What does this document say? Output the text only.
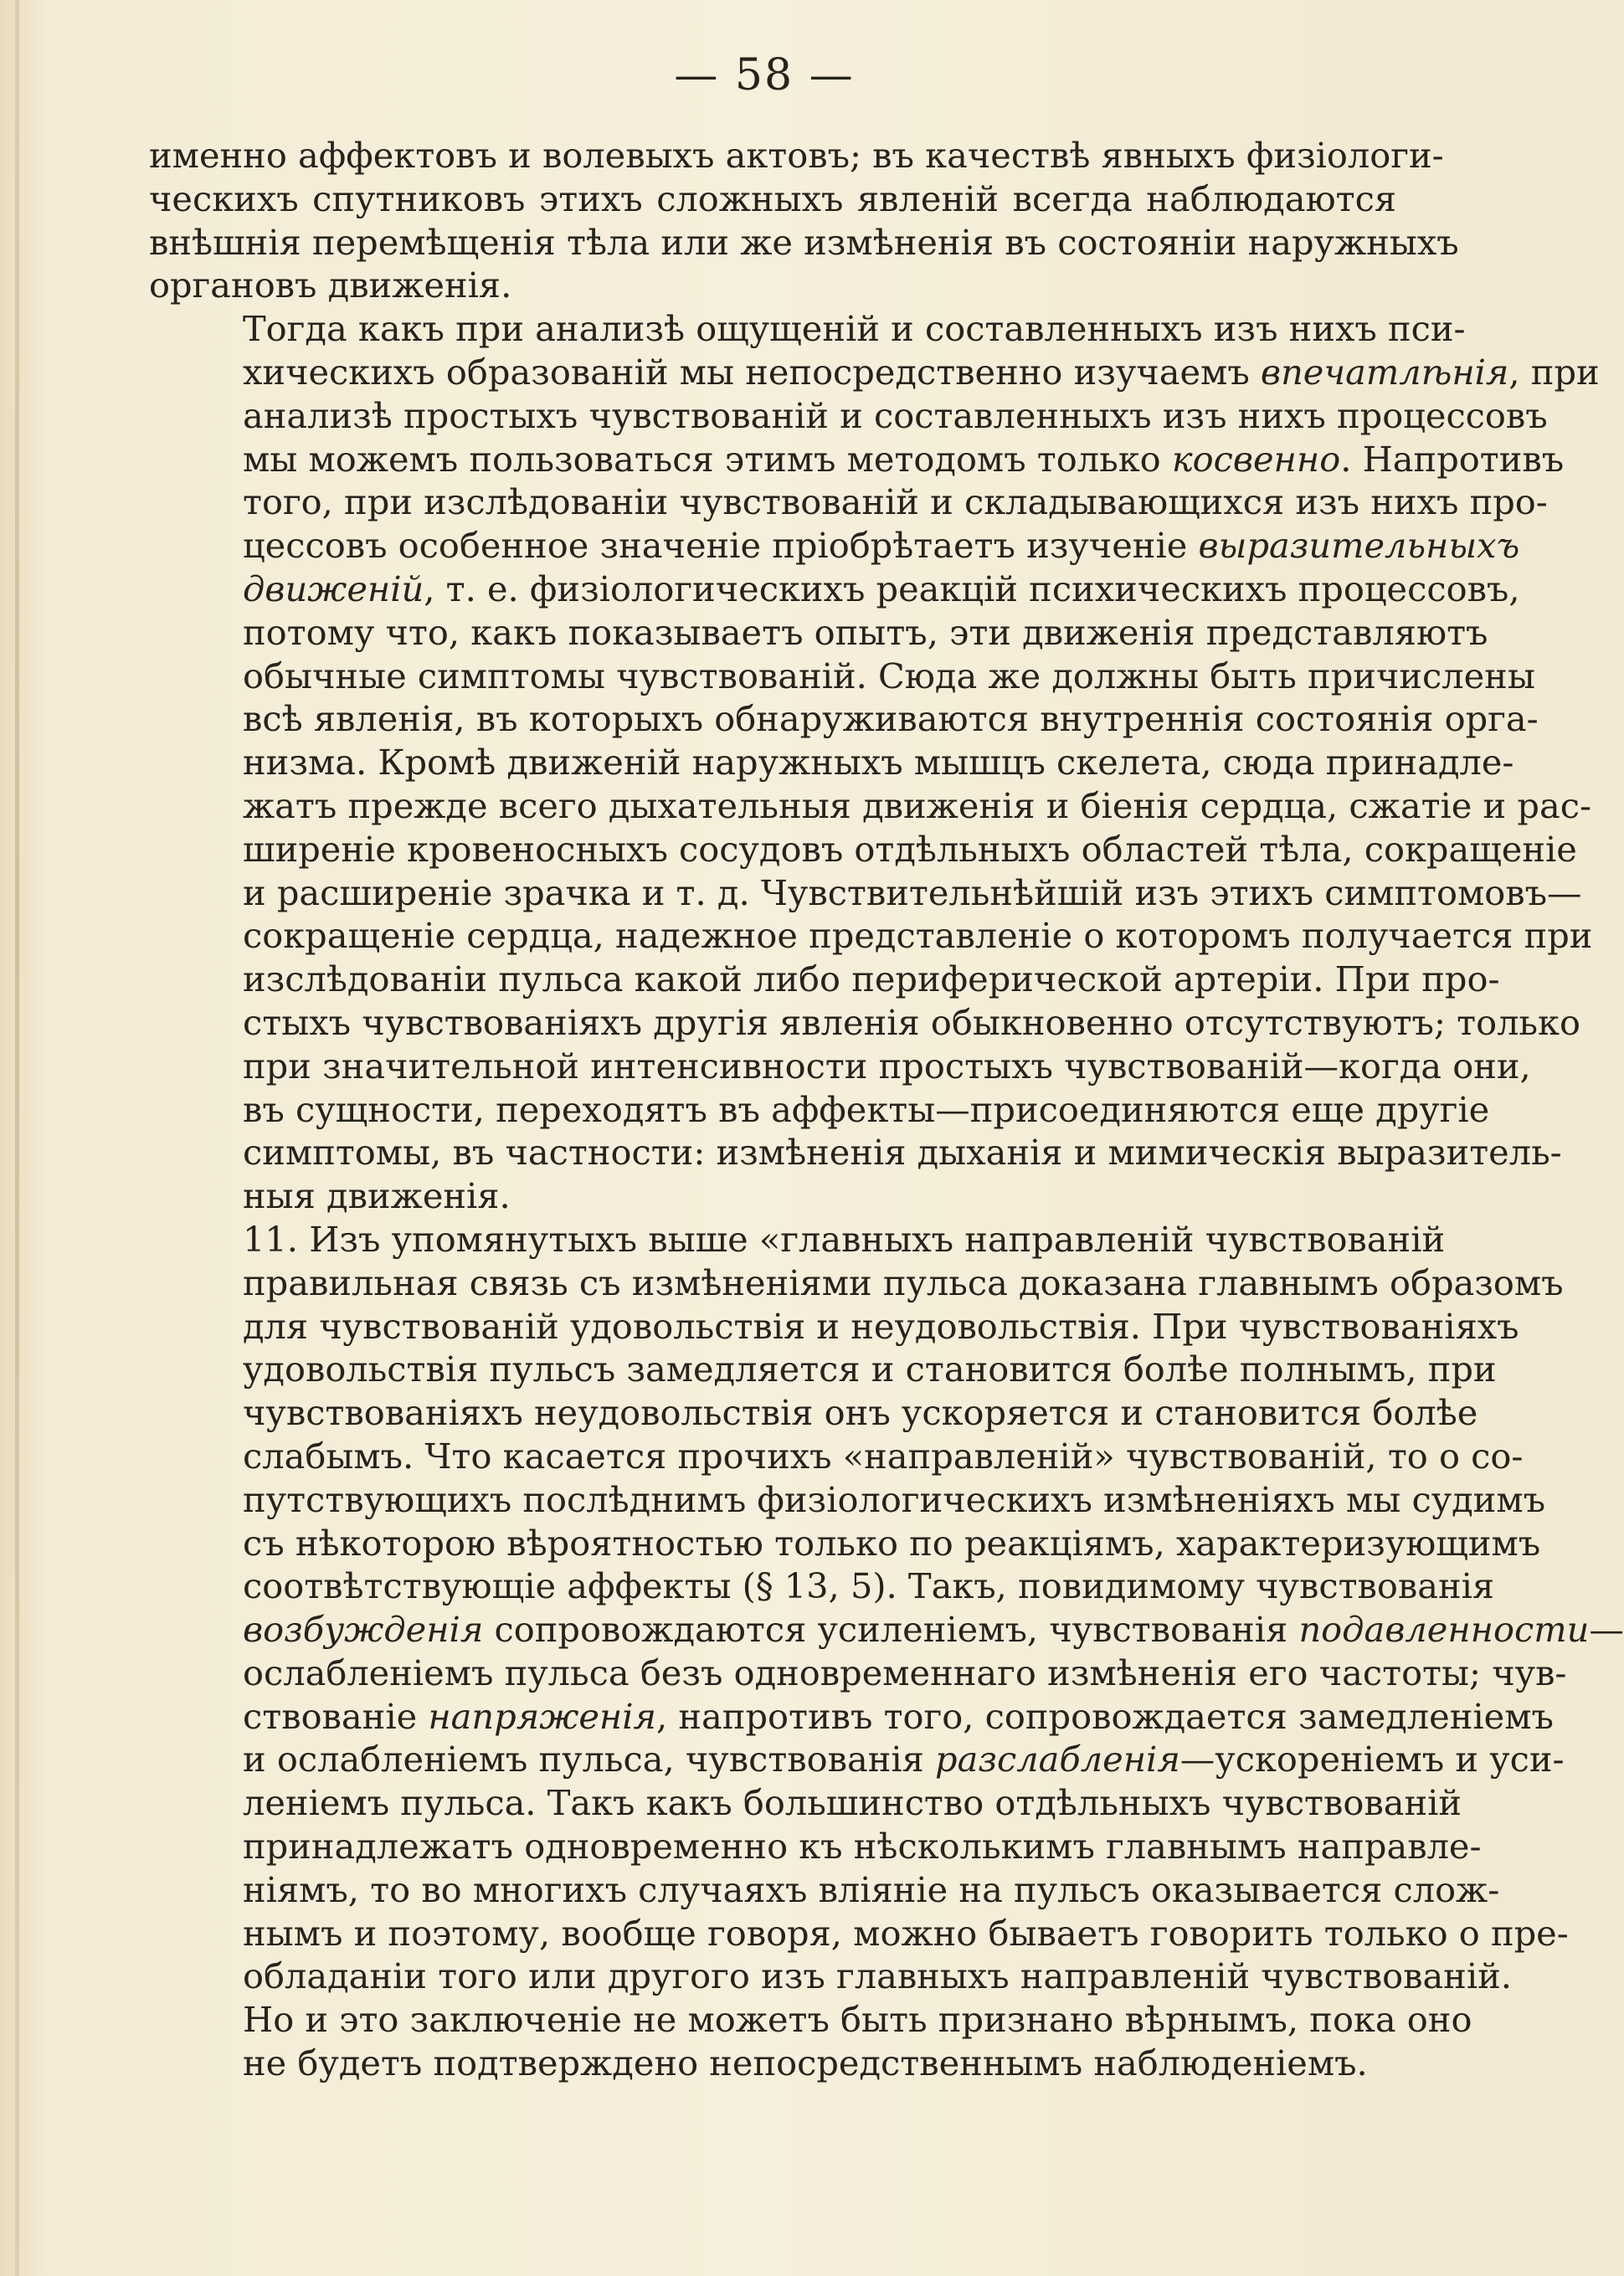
— 58 —

именно аффектовъ и волевыхъ актовъ; въ качествѣ явныхъ физіологи-
ческихъ спутниковъ этихъ сложныхъ явленій всегда наблюдаются
внѣшнія перемѣщенія тѣла или же измѣненія въ состояніи наружныхъ
органовъ движенія.

Тогда какъ при анализѣ ощущеній и составленныхъ изъ нихъ пси-
хическихъ образованій мы непосредственно изучаемъ впечатлѣнія, при
анализѣ простыхъ чувствованій и составленныхъ изъ нихъ процессовъ
мы можемъ пользоваться этимъ методомъ только косвенно. Напротивъ
того, при изслѣдованіи чувствованій и складывающихся изъ нихъ про-
цессовъ особенное значеніе пріобрѣтаетъ изученіе выразительныхъ
движеній, т. е. физіологическихъ реакцій психическихъ процессовъ,
потому что, какъ показываетъ опытъ, эти движенія представляютъ
обычные симптомы чувствованій. Сюда же должны быть причислены
всѣ явленія, въ которыхъ обнаруживаются внутреннія состоянія орга-
низма. Кромѣ движеній наружныхъ мышцъ скелета, сюда принадле-
жатъ прежде всего дыхательныя движенія и біенія сердца, сжатіе и рас-
ширеніе кровеносныхъ сосудовъ отдѣльныхъ областей тѣла, сокращеніе
и расширеніе зрачка и т. д. Чувствительнѣйшій изъ этихъ симптомовъ—
сокращеніе сердца, надежное представленіе о которомъ получается при
изслѣдованіи пульса какой либо периферической артеріи. При про-
стыхъ чувствованіяхъ другія явленія обыкновенно отсутствуютъ; только
при значительной интенсивности простыхъ чувствованій—когда они,
въ сущности, переходятъ въ аффекты—присоединяются еще другіе
симптомы, въ частности: измѣненія дыханія и мимическія выразитель-
ныя движенія.

11. Изъ упомянутыхъ выше «главныхъ направленій чувствованій
правильная связь съ измѣненіями пульса доказана главнымъ образомъ
для чувствованій удовольствія и неудовольствія. При чувствованіяхъ
удовольствія пульсъ замедляется и становится болѣе полнымъ, при
чувствованіяхъ неудовольствія онъ ускоряется и становится болѣе
слабымъ. Что касается прочихъ «направленій» чувствованій, то о со-
путствующихъ послѣднимъ физіологическихъ измѣненіяхъ мы судимъ
съ нѣкоторою вѣроятностью только по реакціямъ, характеризующимъ
соотвѣтствующіе аффекты (§ 13, 5). Такъ, повидимому чувствованія
возбужденія сопровождаются усиленіемъ, чувствованія подавленности—
ослабленіемъ пульса безъ одновременнаго измѣненія его частоты; чув-
ствованіе напряженія, напротивъ того, сопровождается замедленіемъ
и ослабленіемъ пульса, чувствованія разслабленія—ускореніемъ и уси-
леніемъ пульса. Такъ какъ большинство отдѣльныхъ чувствованій
принадлежатъ одновременно къ нѣсколькимъ главнымъ направле-
ніямъ, то во многихъ случаяхъ вліяніе на пульсъ оказывается слож-
нымъ и поэтому, вообще говоря, можно бываетъ говорить только о пре-
обладаніи того или другого изъ главныхъ направленій чувствованій.
Но и это заключеніе не можетъ быть признано вѣрнымъ, пока оно
не будетъ подтверждено непосредственнымъ наблюденіемъ.
